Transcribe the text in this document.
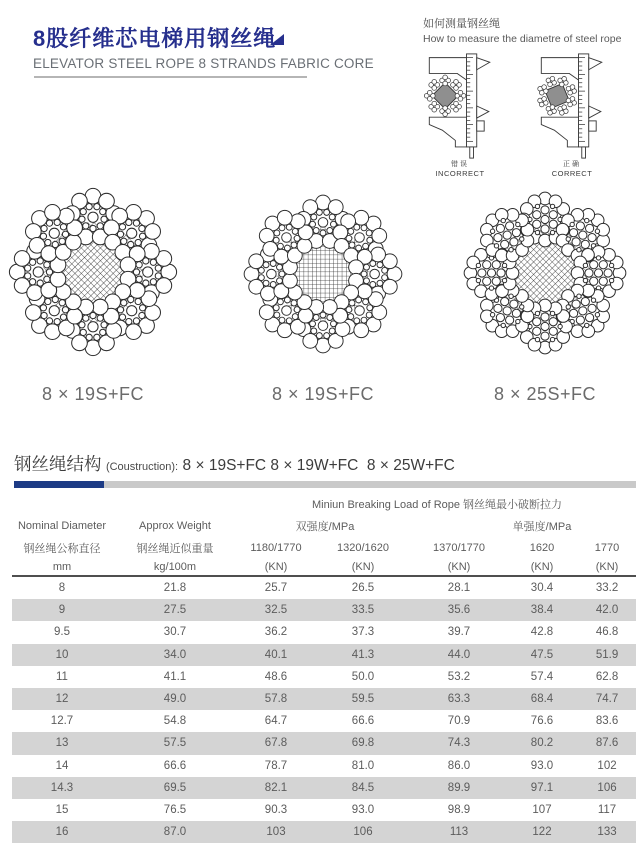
8股纤维芯电梯用钢丝绳
ELEVATOR STEEL ROPE 8 STRANDS FABRIC CORE
如何测量钢丝绳
How to measure the diametre of steel rope
错误
INCORRECT
正确
CORRECT
8 × 19S+FC	8 × 19S+FC	8 × 25S+FC
钢丝绳结构 (Coustruction): 8 × 19S+FC 8 × 19W+FC  8 × 25W+FC
		Miniun Breaking Load of Rope 钢丝绳最小破断拉力				
Nominal Diameter	Approx Weight	双强度/MPa			单强度/MPa	
钢丝绳公称直径	钢丝绳近似重量	1180/1770	1320/1620	1370/1770	1620	1770
mm	kg/100m	(KN)	(KN)	(KN)	(KN)	(KN)
8	21.8	25.7	26.5	28.1	30.4	33.2
9	27.5	32.5	33.5	35.6	38.4	42.0
9.5	30.7	36.2	37.3	39.7	42.8	46.8
10	34.0	40.1	41.3	44.0	47.5	51.9
11	41.1	48.6	50.0	53.2	57.4	62.8
12	49.0	57.8	59.5	63.3	68.4	74.7
12.7	54.8	64.7	66.6	70.9	76.6	83.6
13	57.5	67.8	69.8	74.3	80.2	87.6
14	66.6	78.7	81.0	86.0	93.0	102
14.3	69.5	82.1	84.5	89.9	97.1	106
15	76.5	90.3	93.0	98.9	107	117
16	87.0	103	106	113	122	133
